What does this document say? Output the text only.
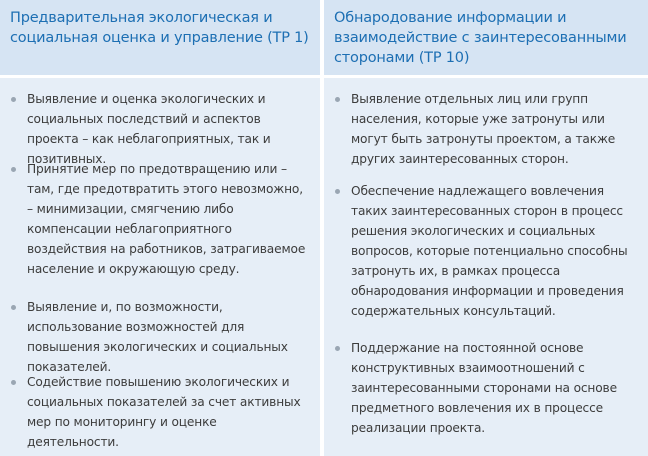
Предварительная экологическая и социальная оценка и управление (ТР 1)
Выявление и оценка экологических и социальных последствий и аспектов проекта – как неблагоприятных, так и позитивных.
Принятие мер по предотвращению или – там, где предотвратить этого невозможно, – минимизации, смягчению либо компенсации неблагоприятного воздействия на работников, затрагиваемое население и окружающую среду.
Выявление и, по возможности, использование возможностей для повышения экологических и социальных показателей.
Содействие повышению экологических и социальных показателей за счет активных мер по мониторингу и оценке деятельности.
Обнародование информации и взаимодействие с заинтересованными сторонами (ТР 10)
Выявление отдельных лиц или групп населения, которые уже затронуты или могут быть затронуты проектом, а также других заинтересованных сторон.
Обеспечение надлежащего вовлечения таких заинтересованных сторон в процесс решения экологических и социальных вопросов, которые потенциально способны затронуть их, в рамках процесса обнародования информации и проведения содержательных консультаций.
Поддержание на постоянной основе конструктивных взаимоотношений с заинтересованными сторонами на основе предметного вовлечения их в процессе реализации проекта.
